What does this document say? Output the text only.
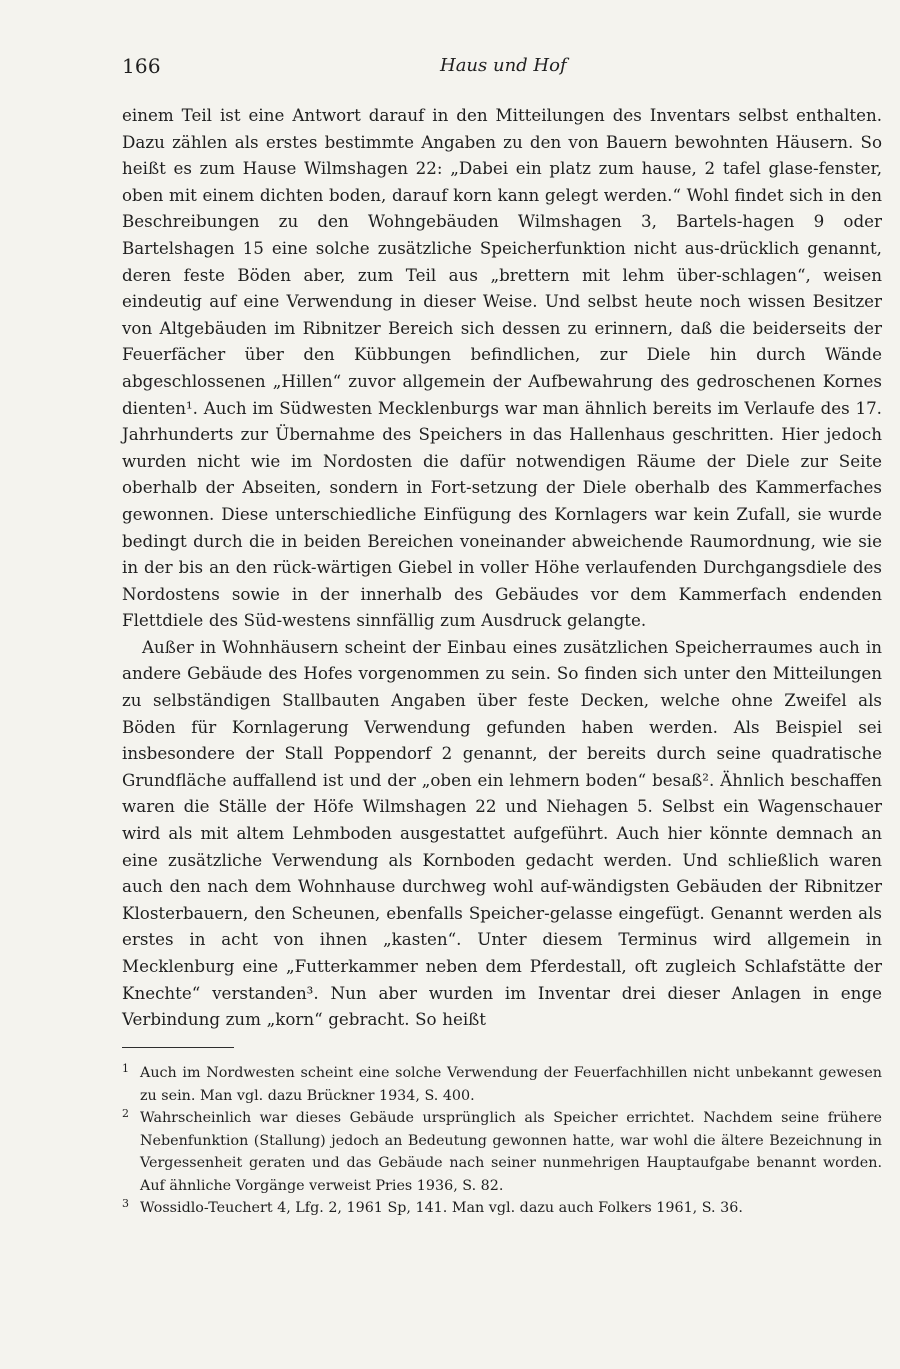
166	Haus und Hof

einem Teil ist eine Antwort darauf in den Mitteilungen des Inventars selbst enthalten. Dazu zählen als erstes bestimmte Angaben zu den von Bauern bewohnten Häusern. So heißt es zum Hause Wilmshagen 22: „Dabei ein platz zum hause, 2 tafel glase-fenster, oben mit einem dichten boden, darauf korn kann gelegt werden.“ Wohl findet sich in den Beschreibungen zu den Wohngebäuden Wilmshagen 3, Bartels-hagen 9 oder Bartelshagen 15 eine solche zusätzliche Speicherfunktion nicht aus-drücklich genannt, deren feste Böden aber, zum Teil aus „brettern mit lehm über-schlagen“, weisen eindeutig auf eine Verwendung in dieser Weise. Und selbst heute noch wissen Besitzer von Altgebäuden im Ribnitzer Bereich sich dessen zu erinnern, daß die beiderseits der Feuerfächer über den Kübbungen befindlichen, zur Diele hin durch Wände abgeschlossenen „Hillen“ zuvor allgemein der Aufbewahrung des gedroschenen Kornes dienten¹. Auch im Südwesten Mecklenburgs war man ähnlich bereits im Verlaufe des 17. Jahrhunderts zur Übernahme des Speichers in das Hallenhaus geschritten. Hier jedoch wurden nicht wie im Nordosten die dafür notwendigen Räume der Diele zur Seite oberhalb der Abseiten, sondern in Fort-setzung der Diele oberhalb des Kammerfaches gewonnen. Diese unterschiedliche Einfügung des Kornlagers war kein Zufall, sie wurde bedingt durch die in beiden Bereichen voneinander abweichende Raumordnung, wie sie in der bis an den rück-wärtigen Giebel in voller Höhe verlaufenden Durchgangsdiele des Nordostens sowie in der innerhalb des Gebäudes vor dem Kammerfach endenden Flettdiele des Süd-westens sinnfällig zum Ausdruck gelangte.

Außer in Wohnhäusern scheint der Einbau eines zusätzlichen Speicherraumes auch in andere Gebäude des Hofes vorgenommen zu sein. So finden sich unter den Mitteilungen zu selbständigen Stallbauten Angaben über feste Decken, welche ohne Zweifel als Böden für Kornlagerung Verwendung gefunden haben werden. Als Beispiel sei insbesondere der Stall Poppendorf 2 genannt, der bereits durch seine quadratische Grundfläche auffallend ist und der „oben ein lehmern boden“ besaß². Ähnlich beschaffen waren die Ställe der Höfe Wilmshagen 22 und Niehagen 5. Selbst ein Wagenschauer wird als mit altem Lehmboden ausgestattet aufgeführt. Auch hier könnte demnach an eine zusätzliche Verwendung als Kornboden gedacht werden. Und schließlich waren auch den nach dem Wohnhause durchweg wohl auf-wändigsten Gebäuden der Ribnitzer Klosterbauern, den Scheunen, ebenfalls Speicher-gelasse eingefügt. Genannt werden als erstes in acht von ihnen „kasten“. Unter diesem Terminus wird allgemein in Mecklenburg eine „Futterkammer neben dem Pferdestall, oft zugleich Schlafstätte der Knechte“ verstanden³. Nun aber wurden im Inventar drei dieser Anlagen in enge Verbindung zum „korn“ gebracht. So heißt

1 Auch im Nordwesten scheint eine solche Verwendung der Feuerfachhillen nicht unbekannt gewesen zu sein. Man vgl. dazu Brückner 1934, S. 400.

2 Wahrscheinlich war dieses Gebäude ursprünglich als Speicher errichtet. Nachdem seine frühere Nebenfunktion (Stallung) jedoch an Bedeutung gewonnen hatte, war wohl die ältere Bezeichnung in Vergessenheit geraten und das Gebäude nach seiner nunmehrigen Hauptaufgabe benannt worden. Auf ähnliche Vorgänge verweist Pries 1936, S. 82.

3 Wossidlo-Teuchert 4, Lfg. 2, 1961 Sp, 141. Man vgl. dazu auch Folkers 1961, S. 36.
